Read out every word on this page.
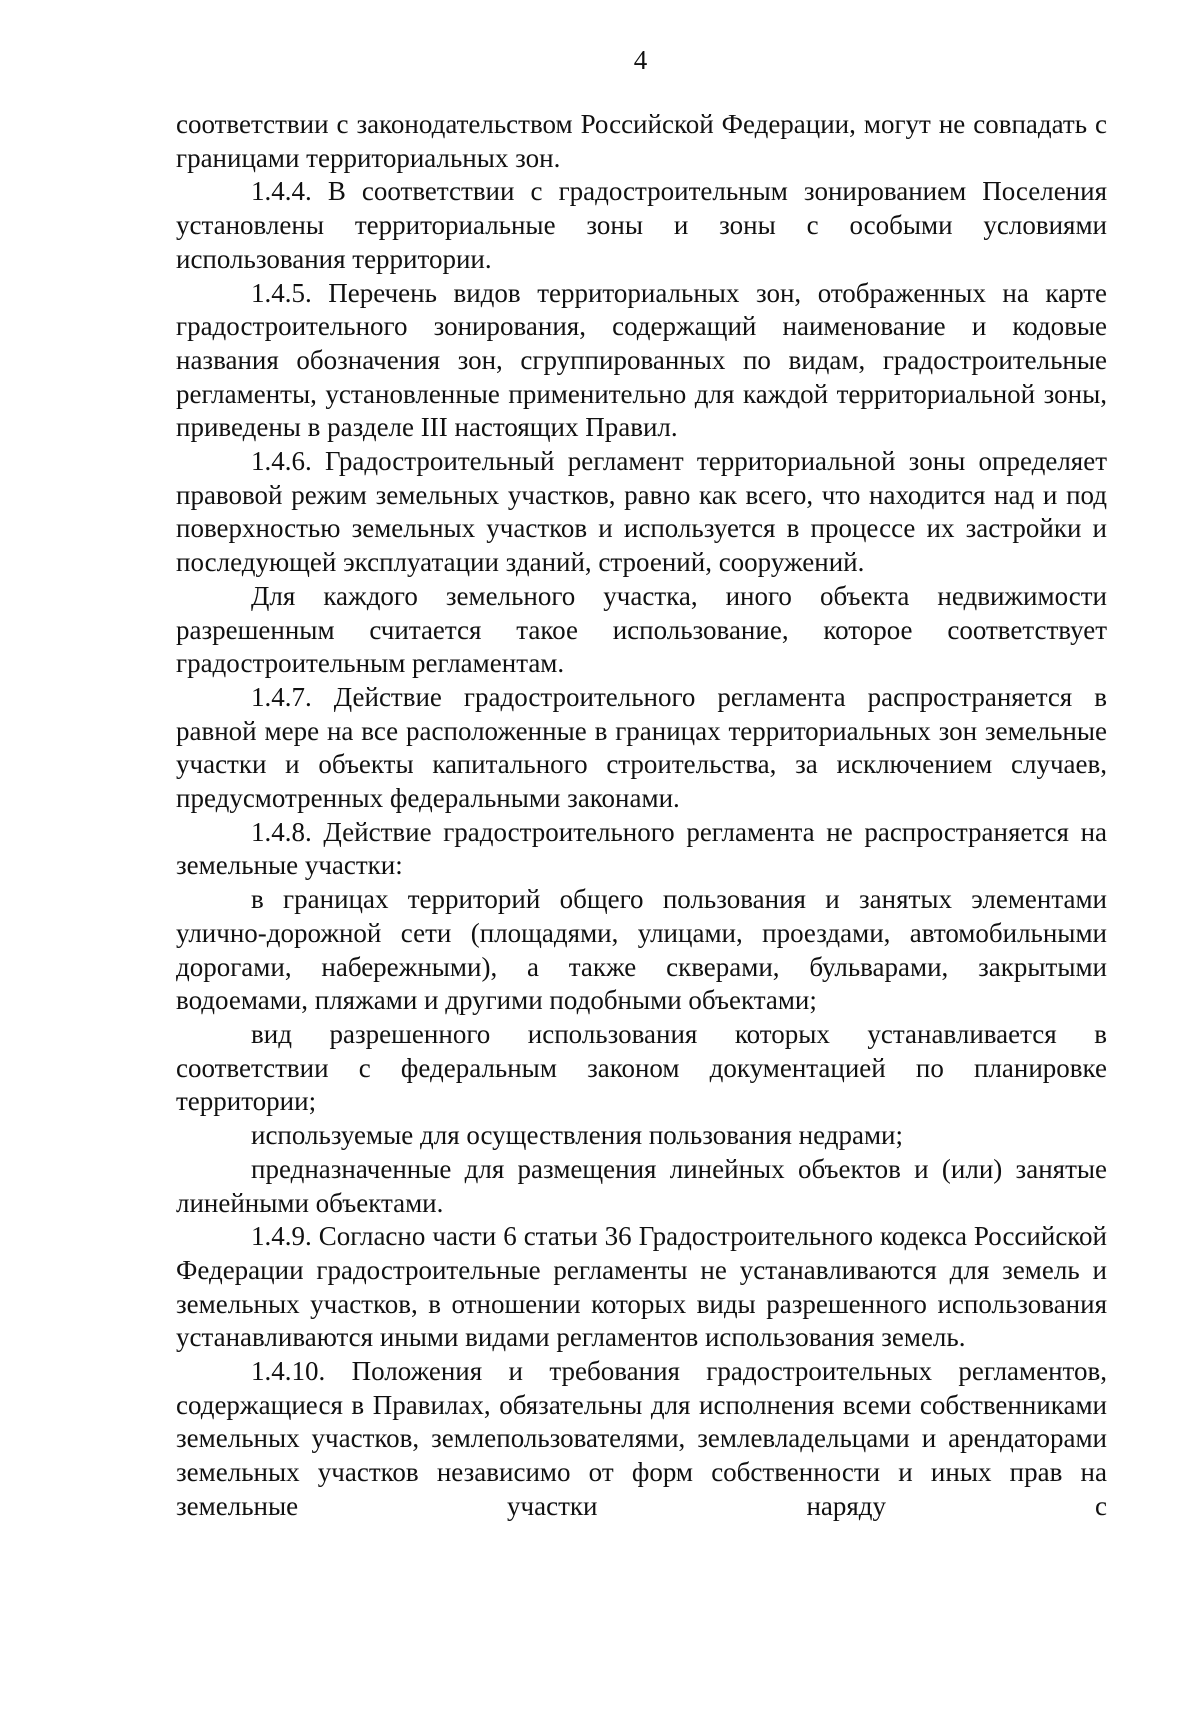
4

соответствии с законодательством Российской Федерации, могут не совпадать с границами территориальных зон.

1.4.4. В соответствии с градостроительным зонированием Поселения установлены территориальные зоны и зоны с особыми условиями использования территории.

1.4.5. Перечень видов территориальных зон, отображенных на карте градостроительного зонирования, содержащий наименование и кодовые названия обозначения зон, сгруппированных по видам, градостроительные регламенты, установленные применительно для каждой территориальной зоны, приведены в разделе III настоящих Правил.

1.4.6. Градостроительный регламент территориальной зоны определяет правовой режим земельных участков, равно как всего, что находится над и под поверхностью земельных участков и используется в процессе их застройки и последующей эксплуатации зданий, строений, сооружений.

Для каждого земельного участка, иного объекта недвижимости разрешенным считается такое использование, которое соответствует градостроительным регламентам.

1.4.7. Действие градостроительного регламента распространяется в равной мере на все расположенные в границах территориальных зон земельные участки и объекты капитального строительства, за исключением случаев, предусмотренных федеральными законами.

1.4.8. Действие градостроительного регламента не распространяется на земельные участки:

в границах территорий общего пользования и занятых элементами улично-дорожной сети (площадями, улицами, проездами, автомобильными дорогами, набережными), а также скверами, бульварами, закрытыми водоемами, пляжами и другими подобными объектами;

вид разрешенного использования которых устанавливается в соответствии с федеральным законом документацией по планировке территории;

используемые для осуществления пользования недрами;

предназначенные для размещения линейных объектов и (или) занятые линейными объектами.

1.4.9. Согласно части 6 статьи 36 Градостроительного кодекса Российской Федерации градостроительные регламенты не устанавливаются для земель и земельных участков, в отношении которых виды разрешенного использования устанавливаются иными видами регламентов использования земель.

1.4.10. Положения и требования градостроительных регламентов, содержащиеся в Правилах, обязательны для исполнения всеми собственниками земельных участков, землепользователями, землевладельцами и арендаторами земельных участков независимо от форм собственности и иных прав на земельные участки наряду с
